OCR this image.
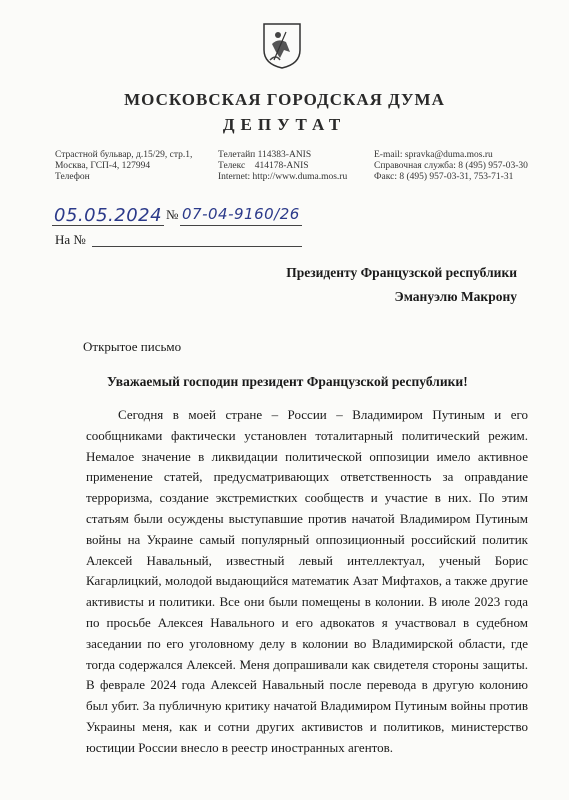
МОСКОВСКАЯ ГОРОДСКАЯ ДУМА
ДЕПУТАТ
Страстной бульвар, д.15/29, стр.1,
Москва, ГСП-4, 127994
Телефон
Телетайп 114383-ANIS
Телекс    414178-ANIS
Internet: http://www.duma.mos.ru
E-mail: spravka@duma.mos.ru
Справочная служба: 8 (495) 957-03-30
Факс: 8 (495) 957-03-31, 753-71-31
05.05.2024 № 07-04-9160/26
На №
Президенту Французской республики
Эмануэлю Макрону
Открытое письмо
Уважаемый господин президент Французской республики!

Сегодня в моей стране – России – Владимиром Путиным и его сообщниками фактически установлен тоталитарный политический режим. Немалое значение в ликвидации политической оппозиции имело активное применение статей, предусматривающих ответственность за оправдание терроризма, создание экстремистких сообществ и участие в них. По этим статьям были осуждены выступавшие против начатой Владимиром Путиным войны на Украине самый популярный оппозиционный российский политик Алексей Навальный, известный левый интеллектуал, ученый Борис Кагарлицкий, молодой выдающийся математик Азат Мифтахов, а также другие активисты и политики. Все они были помещены в колонии. В июле 2023 года по просьбе Алексея Навального и его адвокатов я участвовал в судебном заседании по его уголовному делу в колонии во Владимирской области, где тогда содержался Алексей. Меня допрашивали как свидетеля стороны защиты. В феврале 2024 года Алексей Навальный после перевода в другую колонию был убит. За публичную критику начатой Владимиром Путиным войны против Украины меня, как и сотни других активистов и политиков, министерство юстиции России внесло в реестр иностранных агентов.
